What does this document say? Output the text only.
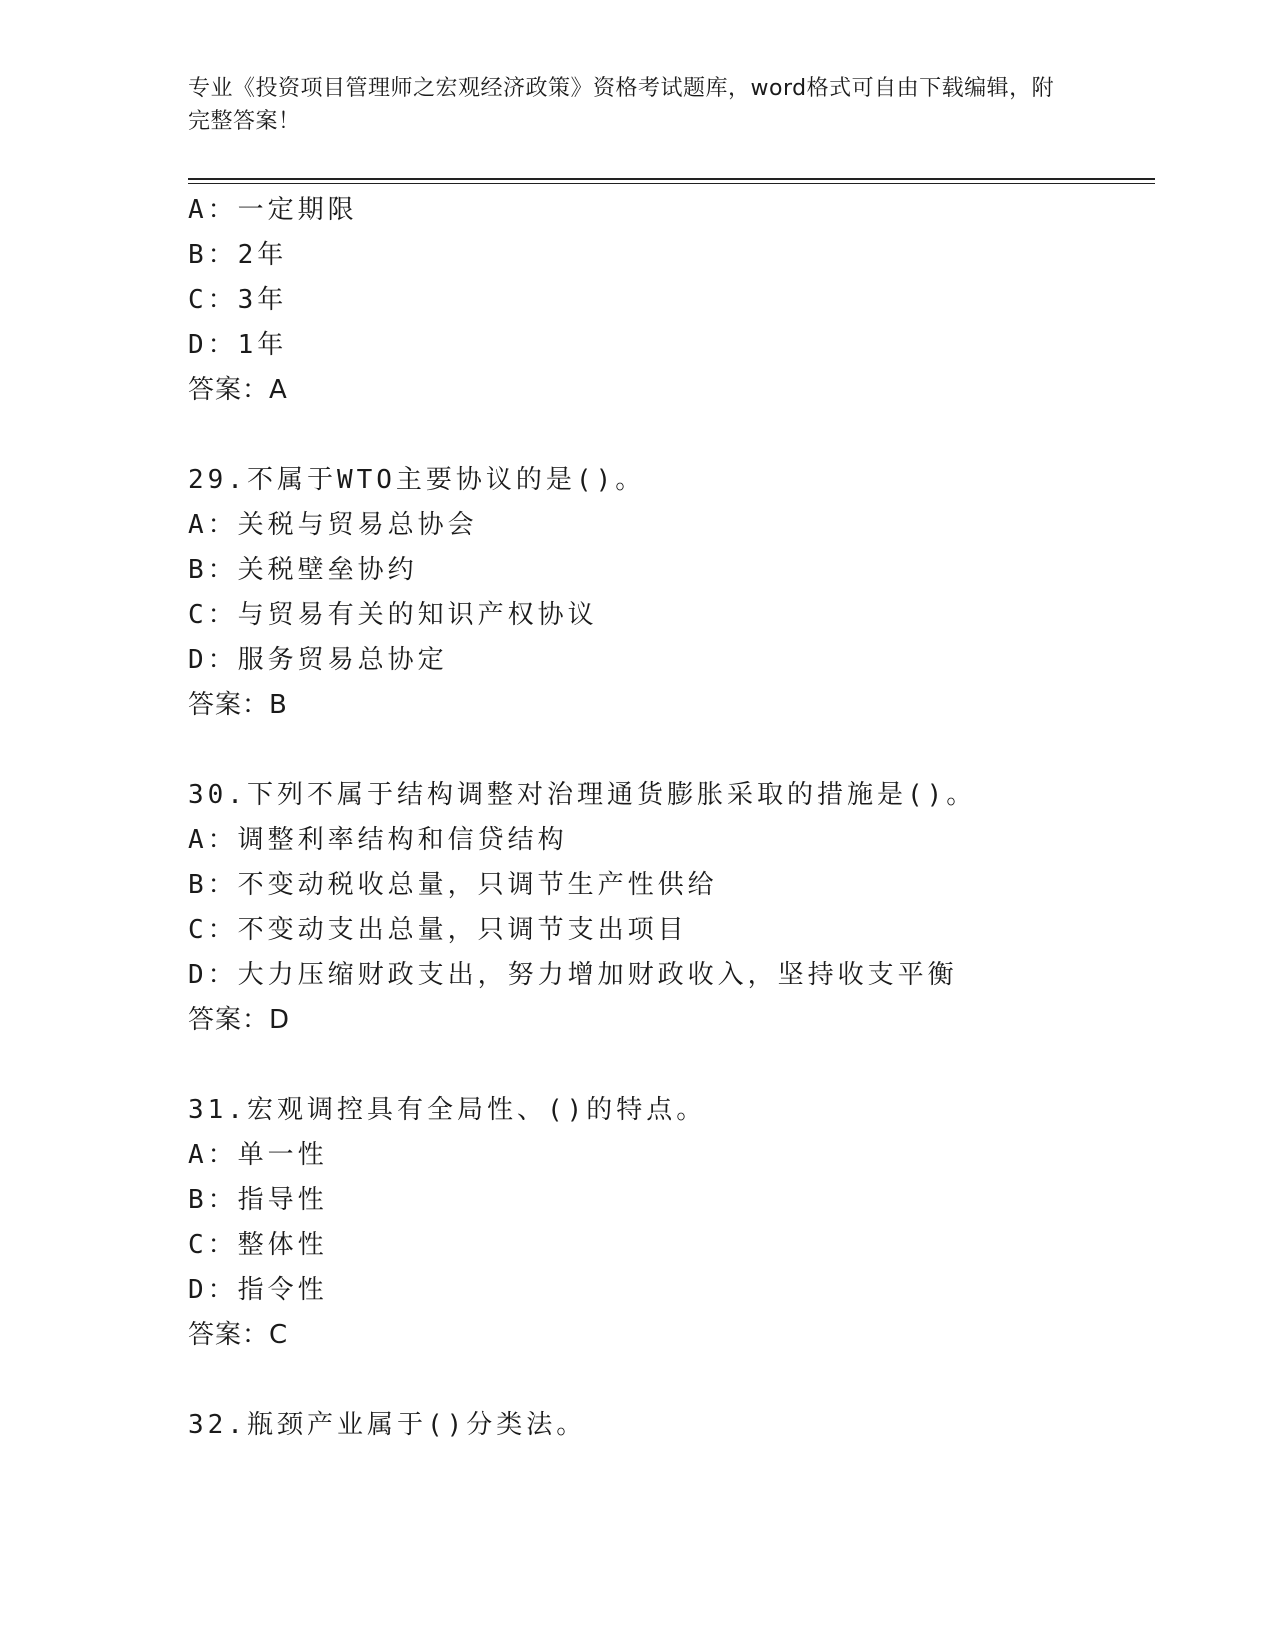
专业《投资项目管理师之宏观经济政策》资格考试题库，word格式可自由下载编辑，附完整答案！
A：一定期限
B：2年
C：3年
D：1年
答案：A
29.不属于WTO主要协议的是()。
A：关税与贸易总协会
B：关税壁垒协约
C：与贸易有关的知识产权协议
D：服务贸易总协定
答案：B
30.下列不属于结构调整对治理通货膨胀采取的措施是()。
A：调整利率结构和信贷结构
B：不变动税收总量，只调节生产性供给
C：不变动支出总量，只调节支出项目
D：大力压缩财政支出，努力增加财政收入，坚持收支平衡
答案：D
31.宏观调控具有全局性、()的特点。
A：单一性
B：指导性
C：整体性
D：指令性
答案：C
32.瓶颈产业属于()分类法。
